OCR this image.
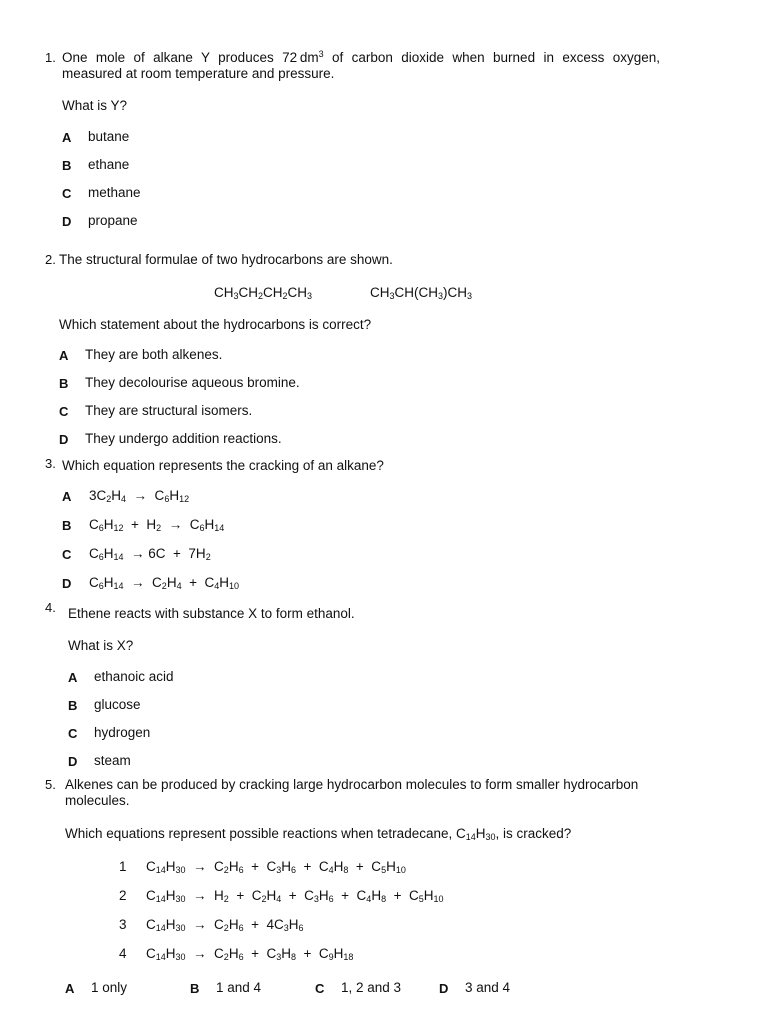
1. One mole of alkane Y produces 72  $dm^3$ of carbon dioxide when burned in excess oxygen,
measured at room temperature and pressure.
What is Y?
A butane
B ethane
C methane
D propane
2. The structural formulae of two hydrocarbons are shown.
$CH_3CH_2CH_2CH_3$	$CH_3CH(CH_3)CH_3$
Which statement about the hydrocarbons is correct?
A They are both alkenes.
B They decolourise aqueous bromine.
C They are structural isomers.
D They undergo addition reactions.
3. Which equation represents the cracking of an alkane?
A $3C_2H_4 \to C_6H_{12}$
B $C_6H_{12} + H_2 \to C_6H_{14}$
C $C_6H_{14} \to 6C + 7H_2$
D $C_6H_{14} \to C_2H_4 + C_4H_{10}$
4. Ethene reacts with substance X to form ethanol.
What is X?
A ethanoic acid
B glucose
C hydrogen
D steam
5. Alkenes can be produced by cracking large hydrocarbon molecules to form smaller hydrocarbon
molecules.
Which equations represent possible reactions when tetradecane, $C_{14}H_{30}$, is cracked?
1 $C_{14}H_{30} \to C_2H_6 + C_3H_6 + C_4H_8 + C_5H_{10}$
2 $C_{14}H_{30} \to H_2 + C_2H_4 + C_3H_6 + C_4H_8 + C_5H_{10}$
3 $C_{14}H_{30} \to C_2H_6 + 4C_3H_6$
4 $C_{14}H_{30} \to C_2H_6 + C_3H_8 + C_9H_{18}$
A 1 only	B 1 and 4	C 1, 2 and 3	D 3 and 4
